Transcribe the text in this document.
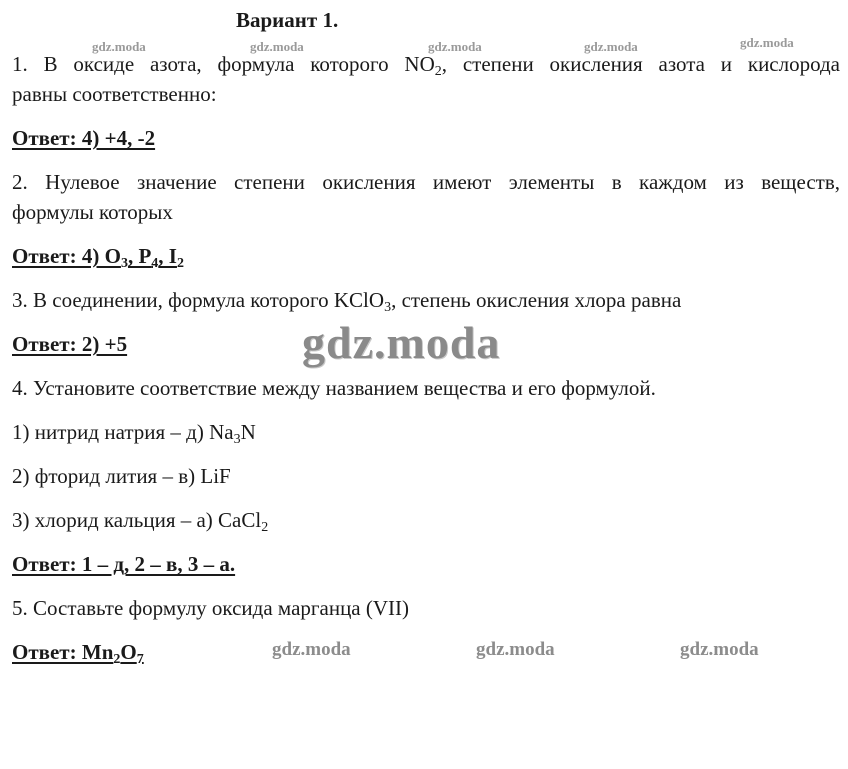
Вариант 1.
gdz.moda	gdz.moda	gdz.moda	gdz.moda	gdz.moda
1. В оксиде азота, формула которого $NO_2$, степени окисления азота и кислорода
равны соответственно:
Ответ: 4) +4, -2
2. Нулевое значение степени окисления имеют элементы в каждом из веществ,
формулы которых
Ответ: 4) $O_3$, $P_4$, $I_2$
3. В соединении, формула которого KClO$_3$, степень окисления хлора равна
Ответ: 2) +5	gdz.moda
4. Установите соответствие между названием вещества и его формулой.
1) нитрид натрия – д) $Na_3N$
2) фторид лития – в) LiF
3) хлорид кальция – а) CaCl$_2$
Ответ: 1 – д, 2 – в, 3 – а.
5. Составьте формулу оксида марганца (VII)
Ответ: $Mn_2O_7$	gdz.moda	gdz.moda	gdz.moda
